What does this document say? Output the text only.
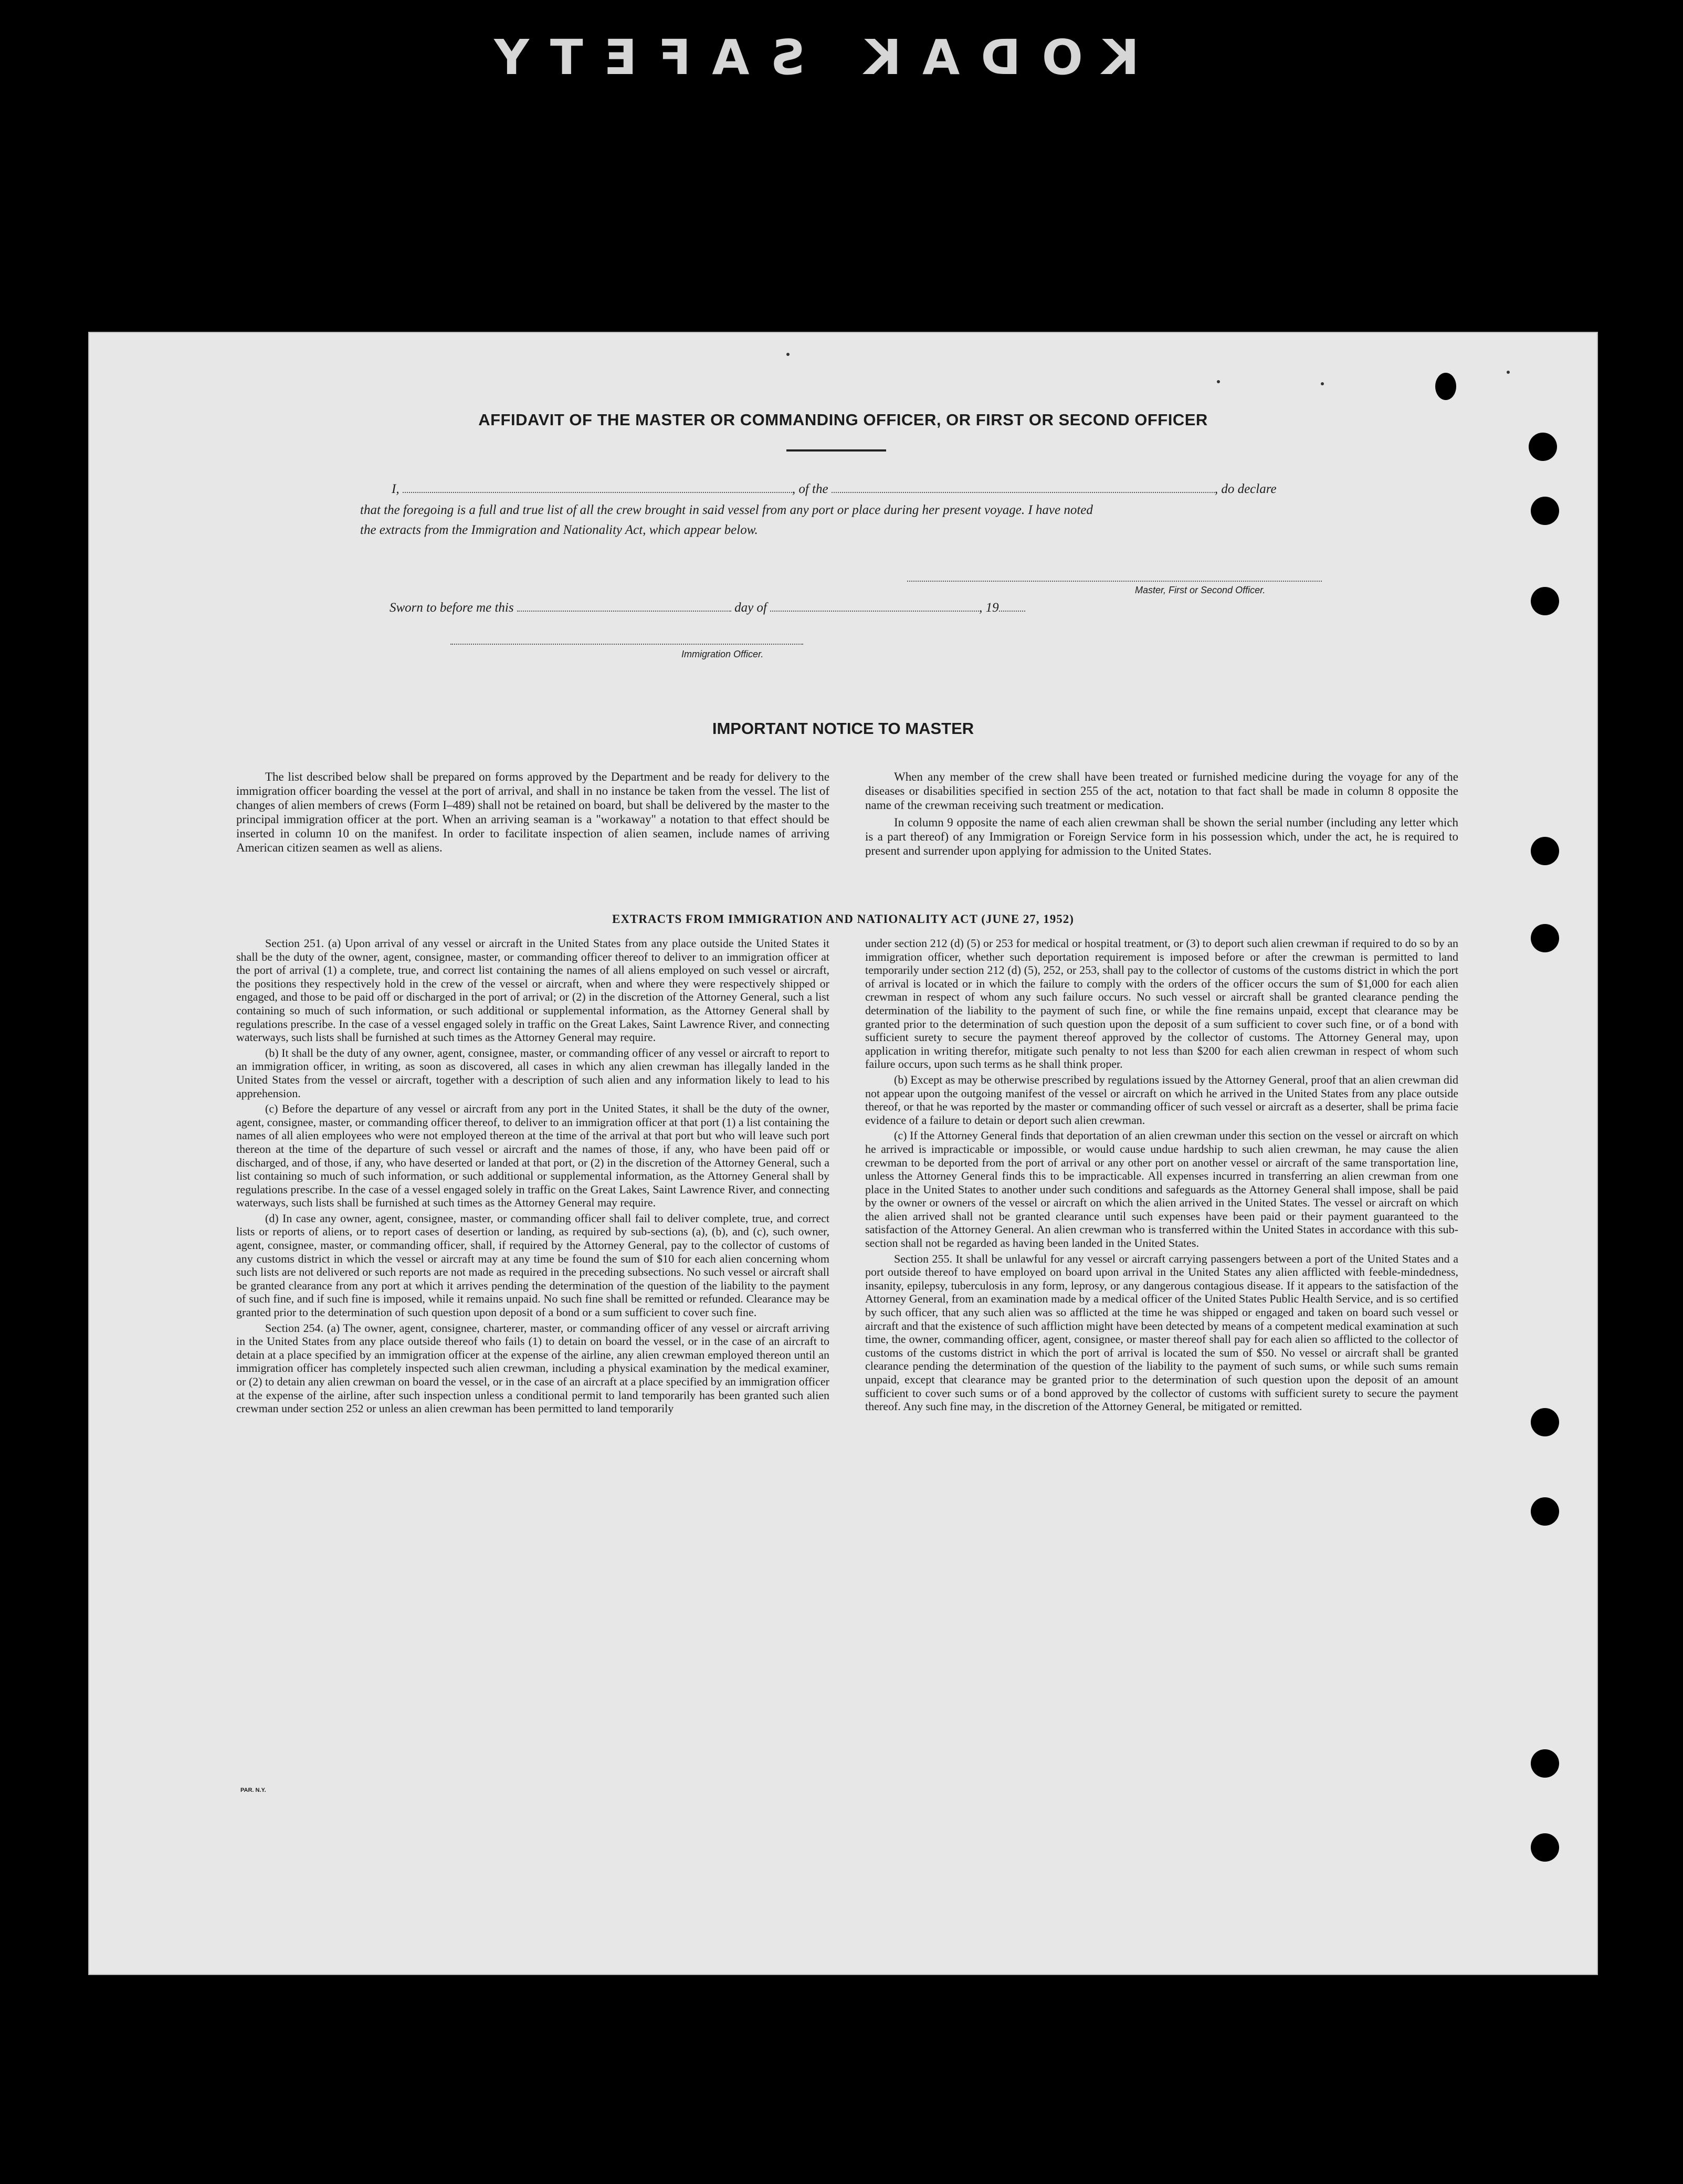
KODAK SAFETY
AFFIDAVIT OF THE MASTER OR COMMANDING OFFICER, OR FIRST OR SECOND OFFICER
I,	, of the	, do declare
that the foregoing is a full and true list of all the crew brought in said vessel from any port or place during her present voyage. I have noted
the extracts from the Immigration and Nationality Act, which appear below.
Master, First or Second Officer.
Sworn to before me this	day of	, 19
Immigration Officer.
IMPORTANT NOTICE TO MASTER

The list described below shall be prepared on forms approved by the Department and be ready for delivery to the immigration officer boarding the vessel at the port of arrival, and shall in no instance be taken from the vessel. The list of changes of alien members of crews (Form I–489) shall not be retained on board, but shall be delivered by the master to the principal immigration officer at the port. When an arriving seaman is a "workaway" a notation to that effect should be inserted in column 10 on the manifest. In order to facilitate inspection of alien seamen, include names of arriving American citizen seamen as well as aliens.

When any member of the crew shall have been treated or furnished medicine during the voyage for any of the diseases or disabilities specified in section 255 of the act, notation to that fact shall be made in column 8 opposite the name of the crewman receiving such treatment or medication.

In column 9 opposite the name of each alien crewman shall be shown the serial number (including any letter which is a part thereof) of any Immigration or Foreign Service form in his possession which, under the act, he is required to present and surrender upon applying for admission to the United States.

EXTRACTS FROM IMMIGRATION AND NATIONALITY ACT (JUNE 27, 1952)

Section 251. (a) Upon arrival of any vessel or aircraft in the United States from any place outside the United States it shall be the duty of the owner, agent, consignee, master, or commanding officer thereof to deliver to an immigration officer at the port of arrival (1) a complete, true, and correct list containing the names of all aliens employed on such vessel or aircraft, the positions they respectively hold in the crew of the vessel or aircraft, when and where they were respectively shipped or engaged, and those to be paid off or discharged in the port of arrival; or (2) in the discretion of the Attorney General, such a list containing so much of such information, or such additional or supplemental information, as the Attorney General shall by regulations prescribe. In the case of a vessel engaged solely in traffic on the Great Lakes, Saint Lawrence River, and connecting waterways, such lists shall be furnished at such times as the Attorney General may require.

(b) It shall be the duty of any owner, agent, consignee, master, or commanding officer of any vessel or aircraft to report to an immigration officer, in writing, as soon as discovered, all cases in which any alien crewman has illegally landed in the United States from the vessel or aircraft, together with a description of such alien and any information likely to lead to his apprehension.

(c) Before the departure of any vessel or aircraft from any port in the United States, it shall be the duty of the owner, agent, consignee, master, or commanding officer thereof, to deliver to an immigration officer at that port (1) a list containing the names of all alien employees who were not employed thereon at the time of the arrival at that port but who will leave such port thereon at the time of the departure of such vessel or aircraft and the names of those, if any, who have been paid off or discharged, and of those, if any, who have deserted or landed at that port, or (2) in the discretion of the Attorney General, such a list containing so much of such information, or such additional or supplemental information, as the Attorney General shall by regulations prescribe. In the case of a vessel engaged solely in traffic on the Great Lakes, Saint Lawrence River, and connecting waterways, such lists shall be furnished at such times as the Attorney General may require.

(d) In case any owner, agent, consignee, master, or commanding officer shall fail to deliver complete, true, and correct lists or reports of aliens, or to report cases of desertion or landing, as required by sub-sections (a), (b), and (c), such owner, agent, consignee, master, or commanding officer, shall, if required by the Attorney General, pay to the collector of customs of any customs district in which the vessel or aircraft may at any time be found the sum of $10 for each alien concerning whom such lists are not delivered or such reports are not made as required in the preceding subsections. No such vessel or aircraft shall be granted clearance from any port at which it arrives pending the determination of the question of the liability to the payment of such fine, and if such fine is imposed, while it remains unpaid. No such fine shall be remitted or refunded. Clearance may be granted prior to the determination of such question upon deposit of a bond or a sum sufficient to cover such fine.

Section 254. (a) The owner, agent, consignee, charterer, master, or commanding officer of any vessel or aircraft arriving in the United States from any place outside thereof who fails (1) to detain on board the vessel, or in the case of an aircraft to detain at a place specified by an immigration officer at the expense of the airline, any alien crewman employed thereon until an immigration officer has completely inspected such alien crewman, including a physical examination by the medical examiner, or (2) to detain any alien crewman on board the vessel, or in the case of an aircraft at a place specified by an immigration officer at the expense of the airline, after such inspection unless a conditional permit to land temporarily has been granted such alien crewman under section 252 or unless an alien crewman has been permitted to land temporarily

under section 212 (d) (5) or 253 for medical or hospital treatment, or (3) to deport such alien crewman if required to do so by an immigration officer, whether such deportation requirement is imposed before or after the crewman is permitted to land temporarily under section 212 (d) (5), 252, or 253, shall pay to the collector of customs of the customs district in which the port of arrival is located or in which the failure to comply with the orders of the officer occurs the sum of $1,000 for each alien crewman in respect of whom any such failure occurs. No such vessel or aircraft shall be granted clearance pending the determination of the liability to the payment of such fine, or while the fine remains unpaid, except that clearance may be granted prior to the determination of such question upon the deposit of a sum sufficient to cover such fine, or of a bond with sufficient surety to secure the payment thereof approved by the collector of customs. The Attorney General may, upon application in writing therefor, mitigate such penalty to not less than $200 for each alien crewman in respect of whom such failure occurs, upon such terms as he shall think proper.

(b) Except as may be otherwise prescribed by regulations issued by the Attorney General, proof that an alien crewman did not appear upon the outgoing manifest of the vessel or aircraft on which he arrived in the United States from any place outside thereof, or that he was reported by the master or commanding officer of such vessel or aircraft as a deserter, shall be prima facie evidence of a failure to detain or deport such alien crewman.

(c) If the Attorney General finds that deportation of an alien crewman under this section on the vessel or aircraft on which he arrived is impracticable or impossible, or would cause undue hardship to such alien crewman, he may cause the alien crewman to be deported from the port of arrival or any other port on another vessel or aircraft of the same transportation line, unless the Attorney General finds this to be impracticable. All expenses incurred in transferring an alien crewman from one place in the United States to another under such conditions and safeguards as the Attorney General shall impose, shall be paid by the owner or owners of the vessel or aircraft on which the alien arrived in the United States. The vessel or aircraft on which the alien arrived shall not be granted clearance until such expenses have been paid or their payment guaranteed to the satisfaction of the Attorney General. An alien crewman who is transferred within the United States in accordance with this sub-section shall not be regarded as having been landed in the United States.

Section 255. It shall be unlawful for any vessel or aircraft carrying passengers between a port of the United States and a port outside thereof to have employed on board upon arrival in the United States any alien afflicted with feeble-mindedness, insanity, epilepsy, tuberculosis in any form, leprosy, or any dangerous contagious disease. If it appears to the satisfaction of the Attorney General, from an examination made by a medical officer of the United States Public Health Service, and is so certified by such officer, that any such alien was so afflicted at the time he was shipped or engaged and taken on board such vessel or aircraft and that the existence of such affliction might have been detected by means of a competent medical examination at such time, the owner, commanding officer, agent, consignee, or master thereof shall pay for each alien so afflicted to the collector of customs of the customs district in which the port of arrival is located the sum of $50. No vessel or aircraft shall be granted clearance pending the determination of the question of the liability to the payment of such sums, or while such sums remain unpaid, except that clearance may be granted prior to the determination of such question upon the deposit of an amount sufficient to cover such sums or of a bond approved by the collector of customs with sufficient surety to secure the payment thereof. Any such fine may, in the discretion of the Attorney General, be mitigated or remitted.

PAR. N.Y.
